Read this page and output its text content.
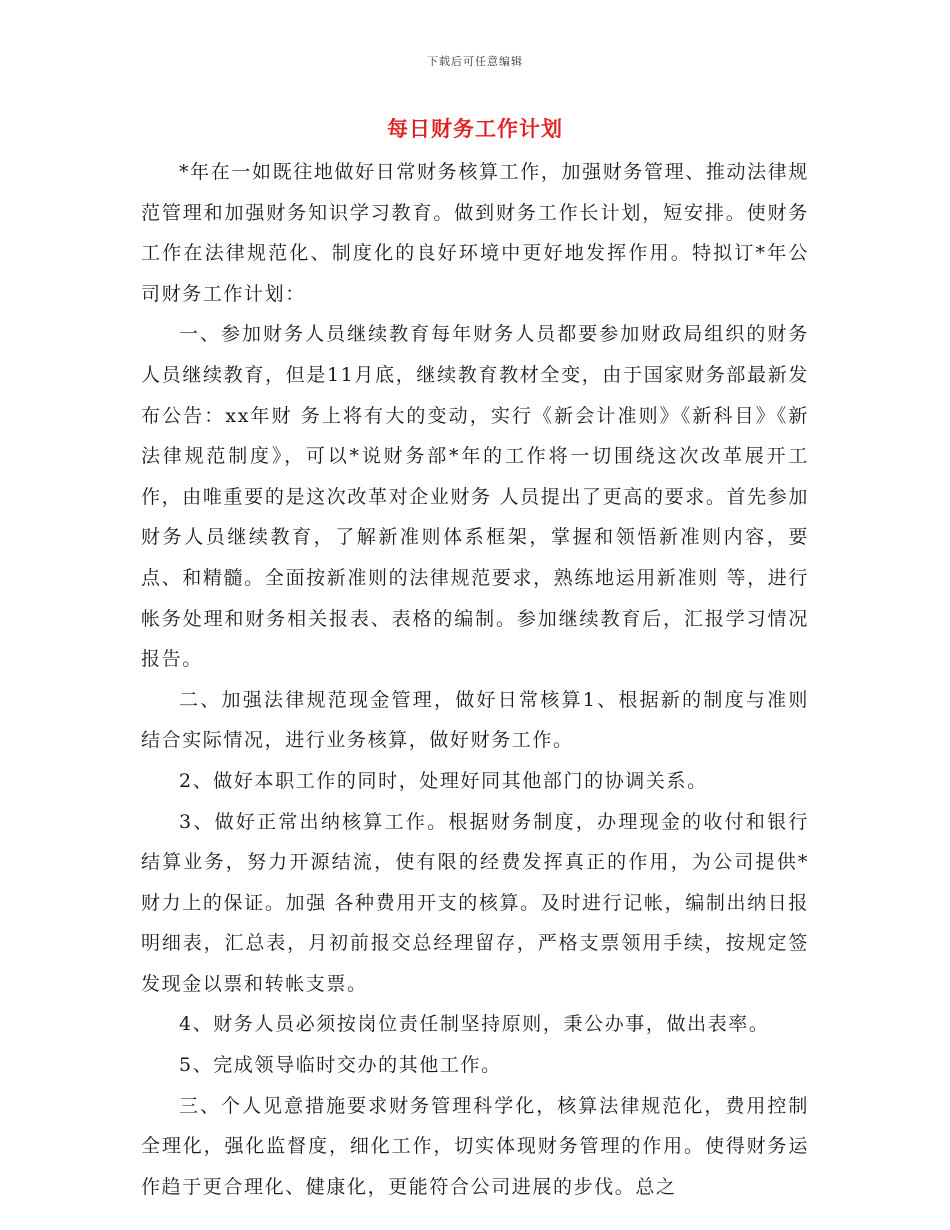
下载后可任意编辑
每日财务工作计划

*年在一如既往地做好日常财务核算工作，加强财务管理、推动法律规范管理和加强财务知识学习教育。做到财务工作长计划，短安排。使财务工作在法律规范化、制度化的良好环境中更好地发挥作用。特拟订*年公司财务工作计划：

一、参加财务人员继续教育每年财务人员都要参加财政局组织的财务人员继续教育，但是11月底，继续教育教材全变，由于国家财务部最新发布公告：xx年财 务上将有大的变动，实行《新会计准则》《新科目》《新法律规范制度》，可以*说财务部*年的工作将一切围绕这次改革展开工作，由唯重要的是这次改革对企业财务 人员提出了更高的要求。首先参加财务人员继续教育，了解新准则体系框架，掌握和领悟新准则内容，要点、和精髓。全面按新准则的法律规范要求，熟练地运用新准则 等，进行帐务处理和财务相关报表、表格的编制。参加继续教育后，汇报学习情况报告。

二、加强法律规范现金管理，做好日常核算1、根据新的制度与准则结合实际情况，进行业务核算，做好财务工作。

2、做好本职工作的同时，处理好同其他部门的协调关系。

3、做好正常出纳核算工作。根据财务制度，办理现金的收付和银行结算业务，努力开源结流，使有限的经费发挥真正的作用，为公司提供*财力上的保证。加强 各种费用开支的核算。及时进行记帐，编制出纳日报明细表，汇总表，月初前报交总经理留存，严格支票领用手续，按规定签发现金以票和转帐支票。

4、财务人员必须按岗位责任制坚持原则，秉公办事，做出表率。

5、完成领导临时交办的其他工作。

三、个人见意措施要求财务管理科学化，核算法律规范化，费用控制全理化，强化监督度，细化工作，切实体现财务管理的作用。使得财务运作趋于更合理化、健康化，更能符合公司进展的步伐。总之
